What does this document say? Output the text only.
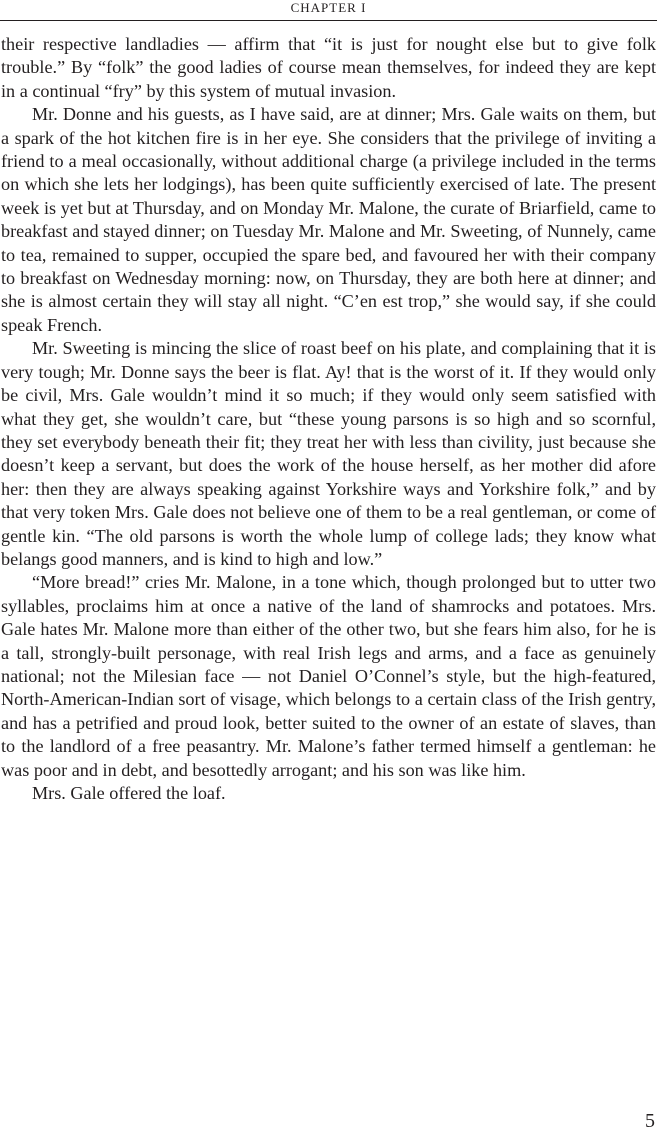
CHAPTER I

their respective landladies — affirm that “it is just for nought else but to give folk trouble.” By “folk” the good ladies of course mean themselves, for indeed they are kept in a continual “fry” by this system of mutual invasion.

Mr. Donne and his guests, as I have said, are at dinner; Mrs. Gale waits on them, but a spark of the hot kitchen fire is in her eye. She considers that the privilege of inviting a friend to a meal occasionally, without additional charge (a privilege included in the terms on which she lets her lodgings), has been quite sufficiently exercised of late. The present week is yet but at Thursday, and on Monday Mr. Malone, the curate of Briarfield, came to breakfast and stayed dinner; on Tuesday Mr. Malone and Mr. Sweeting, of Nunnely, came to tea, remained to supper, occupied the spare bed, and favoured her with their company to breakfast on Wednesday morning: now, on Thursday, they are both here at dinner; and she is almost certain they will stay all night. “C’en est trop,” she would say, if she could speak French.

Mr. Sweeting is mincing the slice of roast beef on his plate, and complaining that it is very tough; Mr. Donne says the beer is flat. Ay! that is the worst of it. If they would only be civil, Mrs. Gale wouldn’t mind it so much; if they would only seem satisfied with what they get, she wouldn’t care, but “these young parsons is so high and so scornful, they set everybody beneath their fit; they treat her with less than civility, just because she doesn’t keep a servant, but does the work of the house herself, as her mother did afore her: then they are always speaking against Yorkshire ways and Yorkshire folk,” and by that very token Mrs. Gale does not believe one of them to be a real gentleman, or come of gentle kin. “The old parsons is worth the whole lump of college lads; they know what belangs good manners, and is kind to high and low.”

“More bread!” cries Mr. Malone, in a tone which, though prolonged but to utter two syllables, proclaims him at once a native of the land of shamrocks and potatoes. Mrs. Gale hates Mr. Malone more than either of the other two, but she fears him also, for he is a tall, strongly-built personage, with real Irish legs and arms, and a face as genuinely national; not the Milesian face — not Daniel O’Connel’s style, but the high-featured, North-American-Indian sort of visage, which belongs to a certain class of the Irish gentry, and has a petrified and proud look, better suited to the owner of an estate of slaves, than to the landlord of a free peasantry. Mr. Malone’s father termed himself a gentleman: he was poor and in debt, and besottedly arrogant; and his son was like him.

Mrs. Gale offered the loaf.

5
